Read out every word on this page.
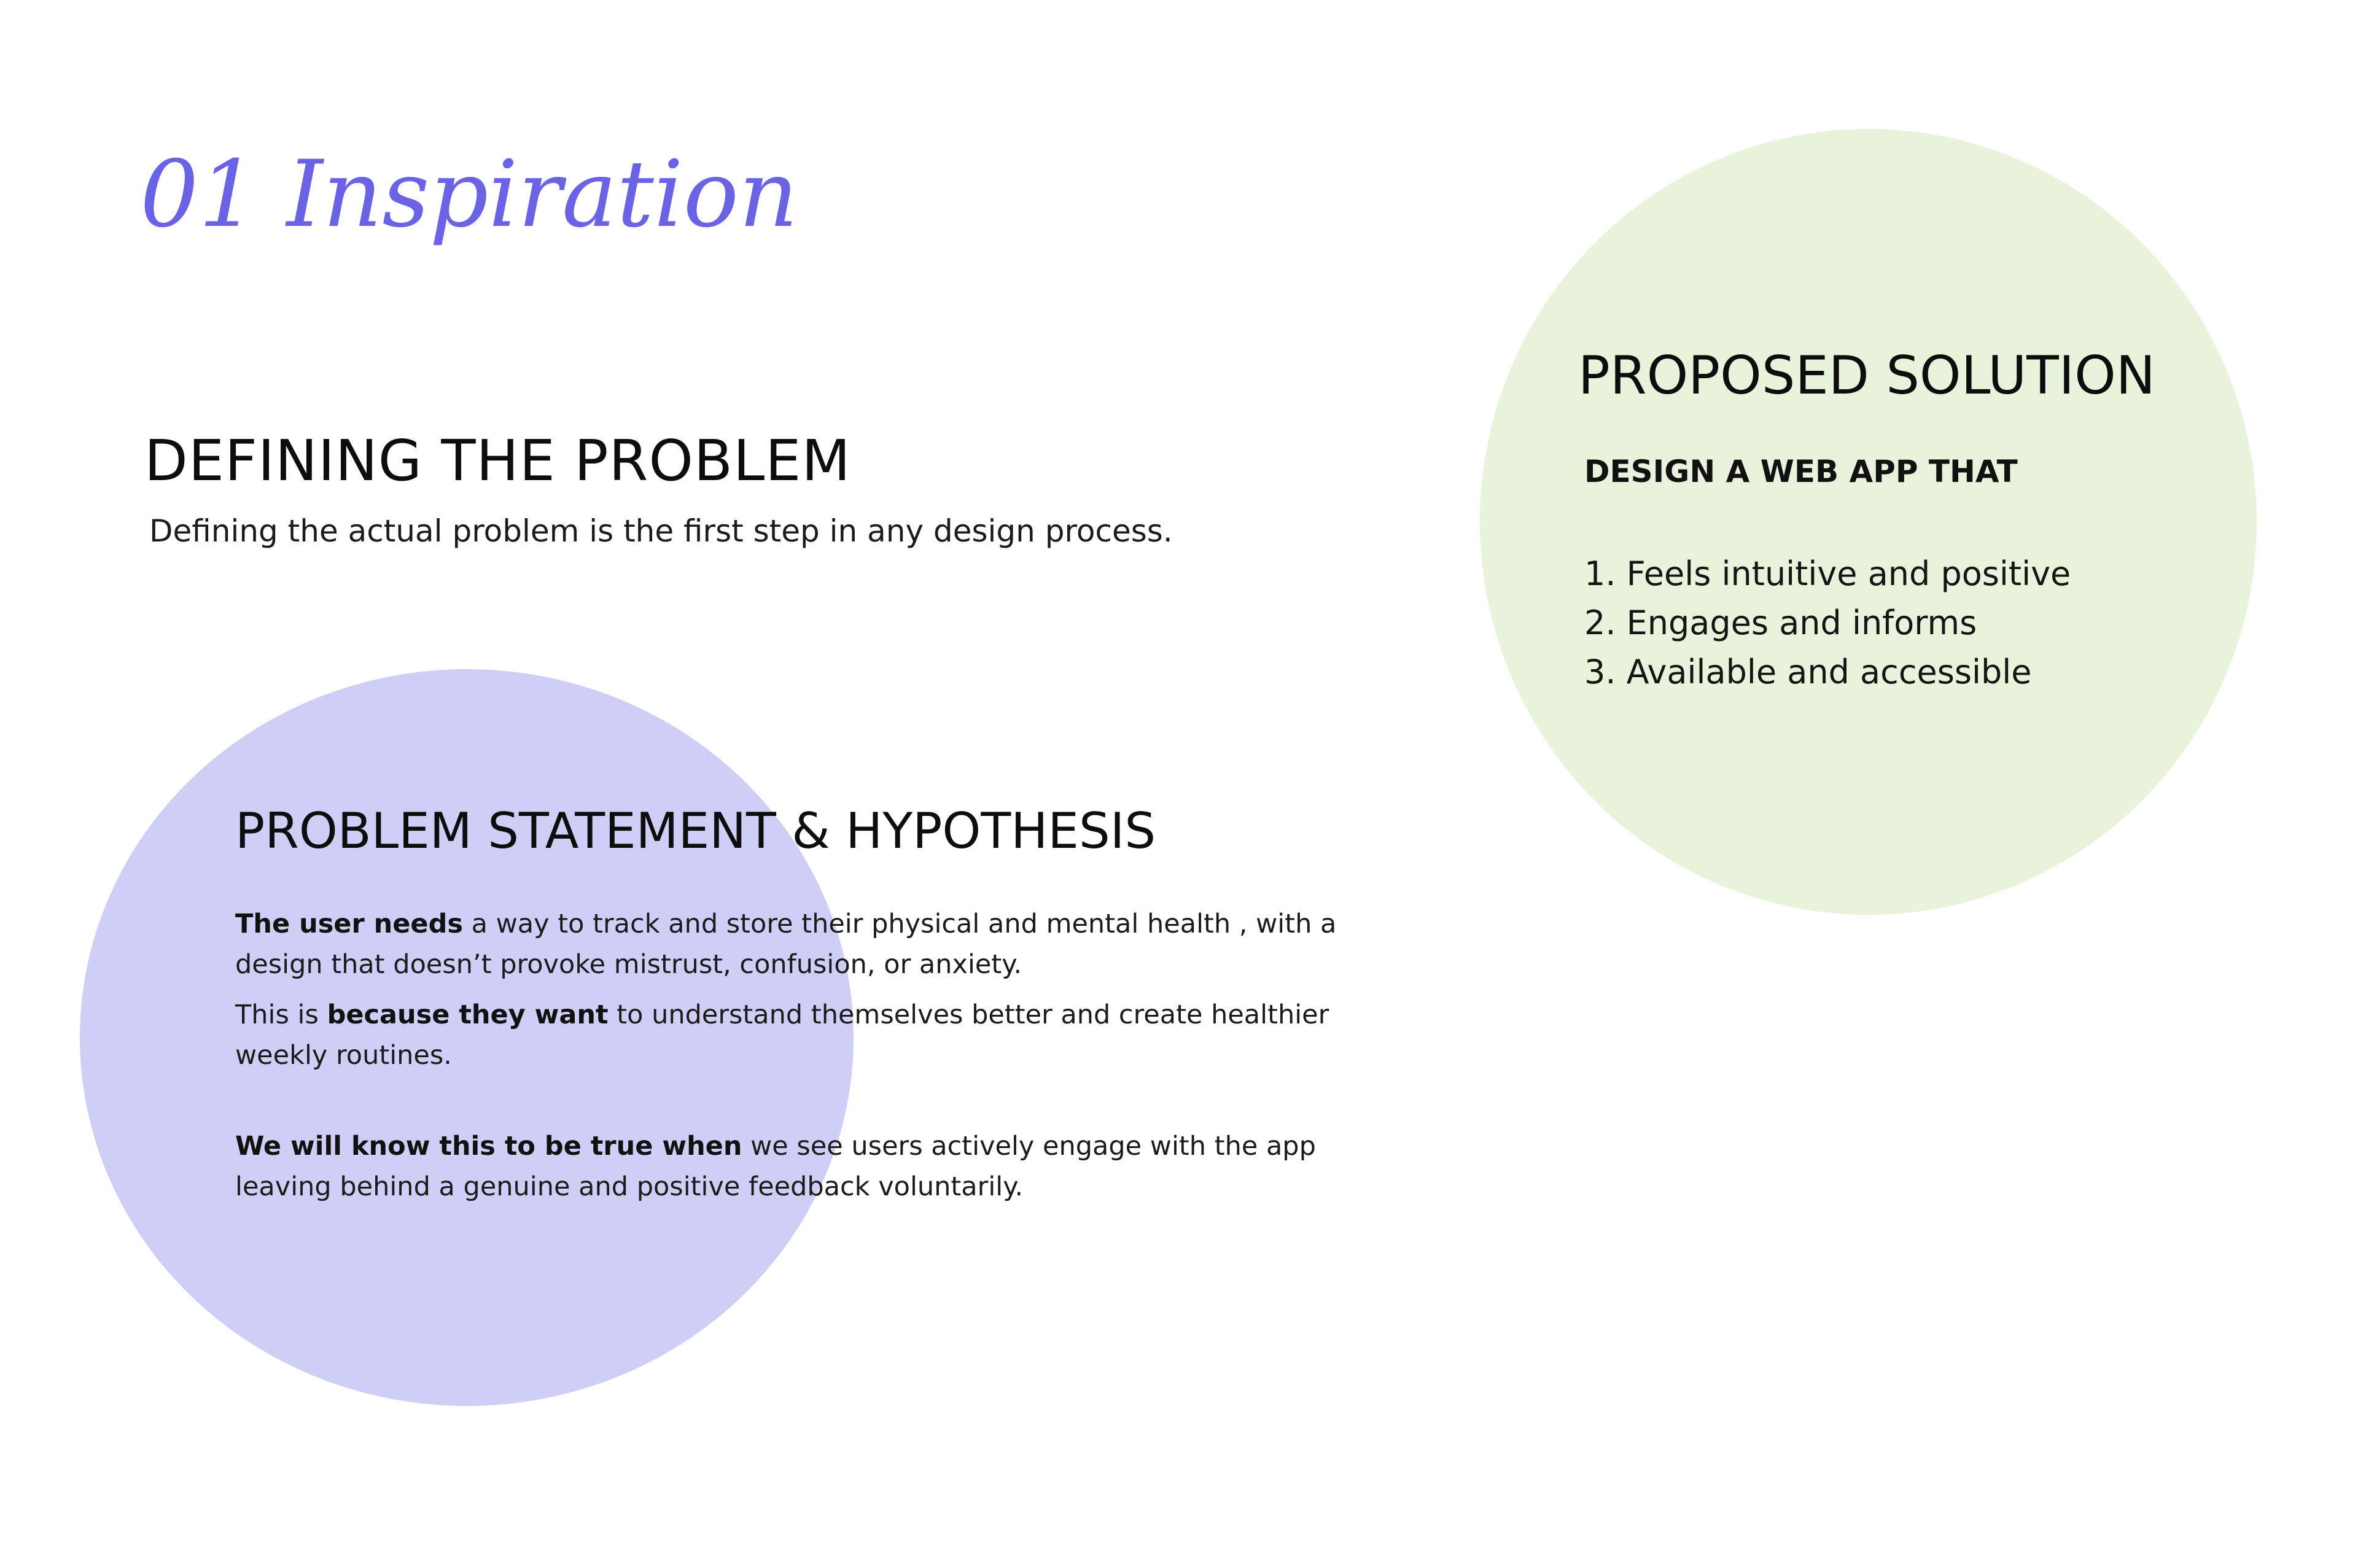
01 Inspiration
DEFINING THE PROBLEM

Defining the actual problem is the first step in any design process.

PROBLEM STATEMENT & HYPOTHESIS

The user needs a way to track and store their physical and mental health , with a design that doesn’t provoke mistrust, confusion, or anxiety.

This is because they want to understand themselves better and create healthier weekly routines.

We will know this to be true when we see users actively engage with the app leaving behind a genuine and positive feedback voluntarily.

PROPOSED SOLUTION

DESIGN A WEB APP THAT

1. Feels intuitive and positive
2. Engages and informs
3. Available and accessible
